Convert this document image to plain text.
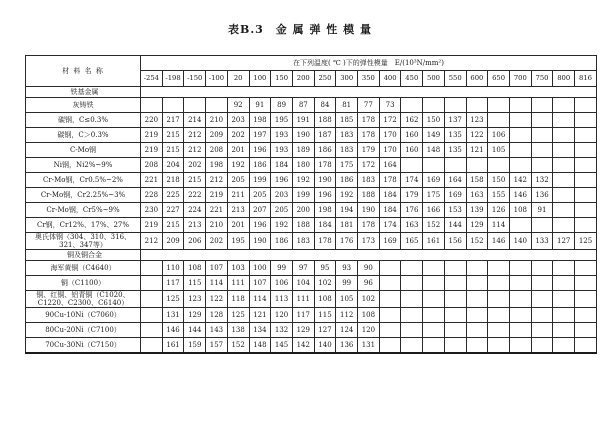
表B.3　金 属 弹 性 模 量
材 料 名 称	在下列温度( ℃ )下的弹性模量　E/(10³N/mm²)																				
	-254	-198	-150	-100	20	100	150	200	250	300	350	400	450	500	550	600	650	700	750	800	816
铁基金属																					
灰铸铁					92	91	89	87	84	81	77	73									
碳钢，C≤0.3%	220	217	214	210	203	198	195	191	188	185	178	172	162	150	137	123					
碳钢，C＞0.3%	219	215	212	209	202	197	193	190	187	183	178	170	160	149	135	122	106				
C-Mo钢	219	215	212	208	201	196	193	189	186	183	179	170	160	148	135	121	105				
Ni钢，Ni2%~9%	208	204	202	198	192	186	184	180	178	175	172	164									
Cr-Mo钢，Cr0.5%~2%	221	218	215	212	205	199	196	192	190	186	183	178	174	169	164	158	150	142	132		
Cr-Mo钢，Cr2.25%~3%	228	225	222	219	211	205	203	199	196	192	188	184	179	175	169	163	155	146	136		
Cr-Mo钢，Cr5%~9%	230	227	224	221	213	207	205	200	198	194	190	184	176	166	153	139	126	108	91		
Cr钢，Cr12%、17%、27%	219	215	213	210	201	196	192	188	184	181	178	174	163	152	144	129	114				
奥氏体钢（304、310、316、321、347等）	212	209	206	202	195	190	186	183	178	176	173	169	165	161	156	152	146	140	133	127	125
铜及铜合金																					
海军黄铜（C4640）		110	108	107	103	100	99	97	95	93	90										
铜（C1100）		117	115	114	111	107	106	104	102	99	96										
铜、红铜、铝青铜（C1020、C1220、C2300、C6140）		125	123	122	118	114	113	111	108	105	102										
90Cu-10Ni（C7060）		131	129	128	125	121	120	117	115	112	108										
80Cu-20Ni（C7100）		146	144	143	138	134	132	129	127	124	120										
70Cu-30Ni（C7150）		161	159	157	152	148	145	142	140	136	131										
